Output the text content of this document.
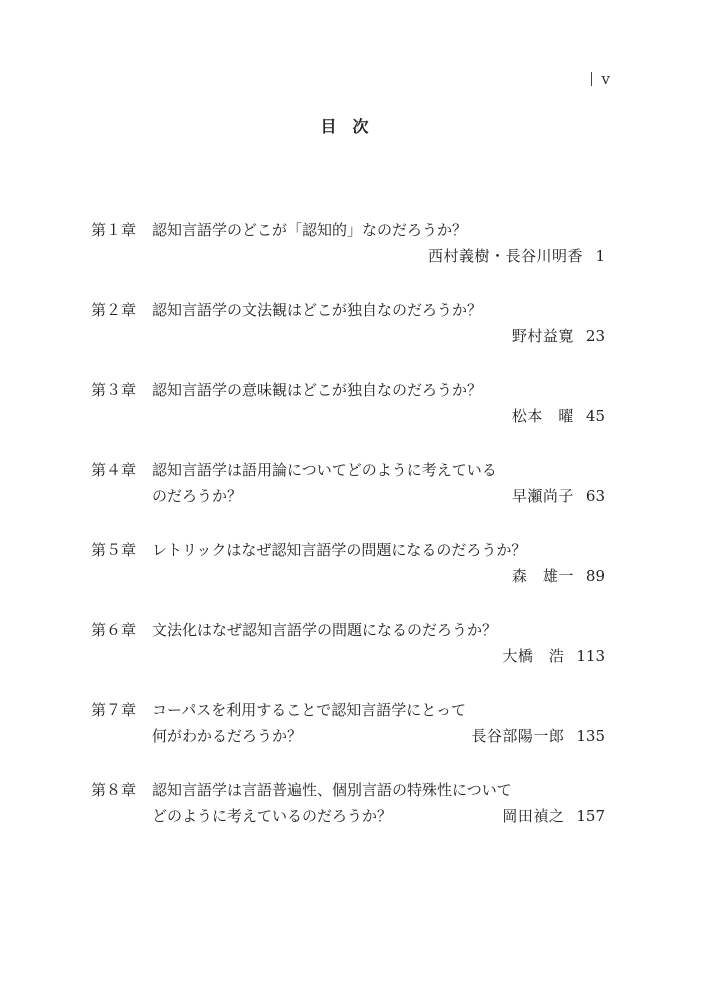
v
目次
第１章	認知言語学のどこが「認知的」なのだろうか？
西村義樹・長谷川明香 1
第２章	認知言語学の文法観はどこが独自なのだろうか？
野村益寛 23
第３章	認知言語学の意味観はどこが独自なのだろうか？
松本　曜 45
第４章	認知言語学は語用論についてどのように考えている
のだろうか？	早瀬尚子 63
第５章	レトリックはなぜ認知言語学の問題になるのだろうか？
森　雄一 89
第６章	文法化はなぜ認知言語学の問題になるのだろうか？
大橋　浩 113
第７章	コーパスを利用することで認知言語学にとって
何がわかるだろうか？	長谷部陽一郎 135
第８章	認知言語学は言語普遍性、個別言語の特殊性について
どのように考えているのだろうか？	岡田禎之 157
